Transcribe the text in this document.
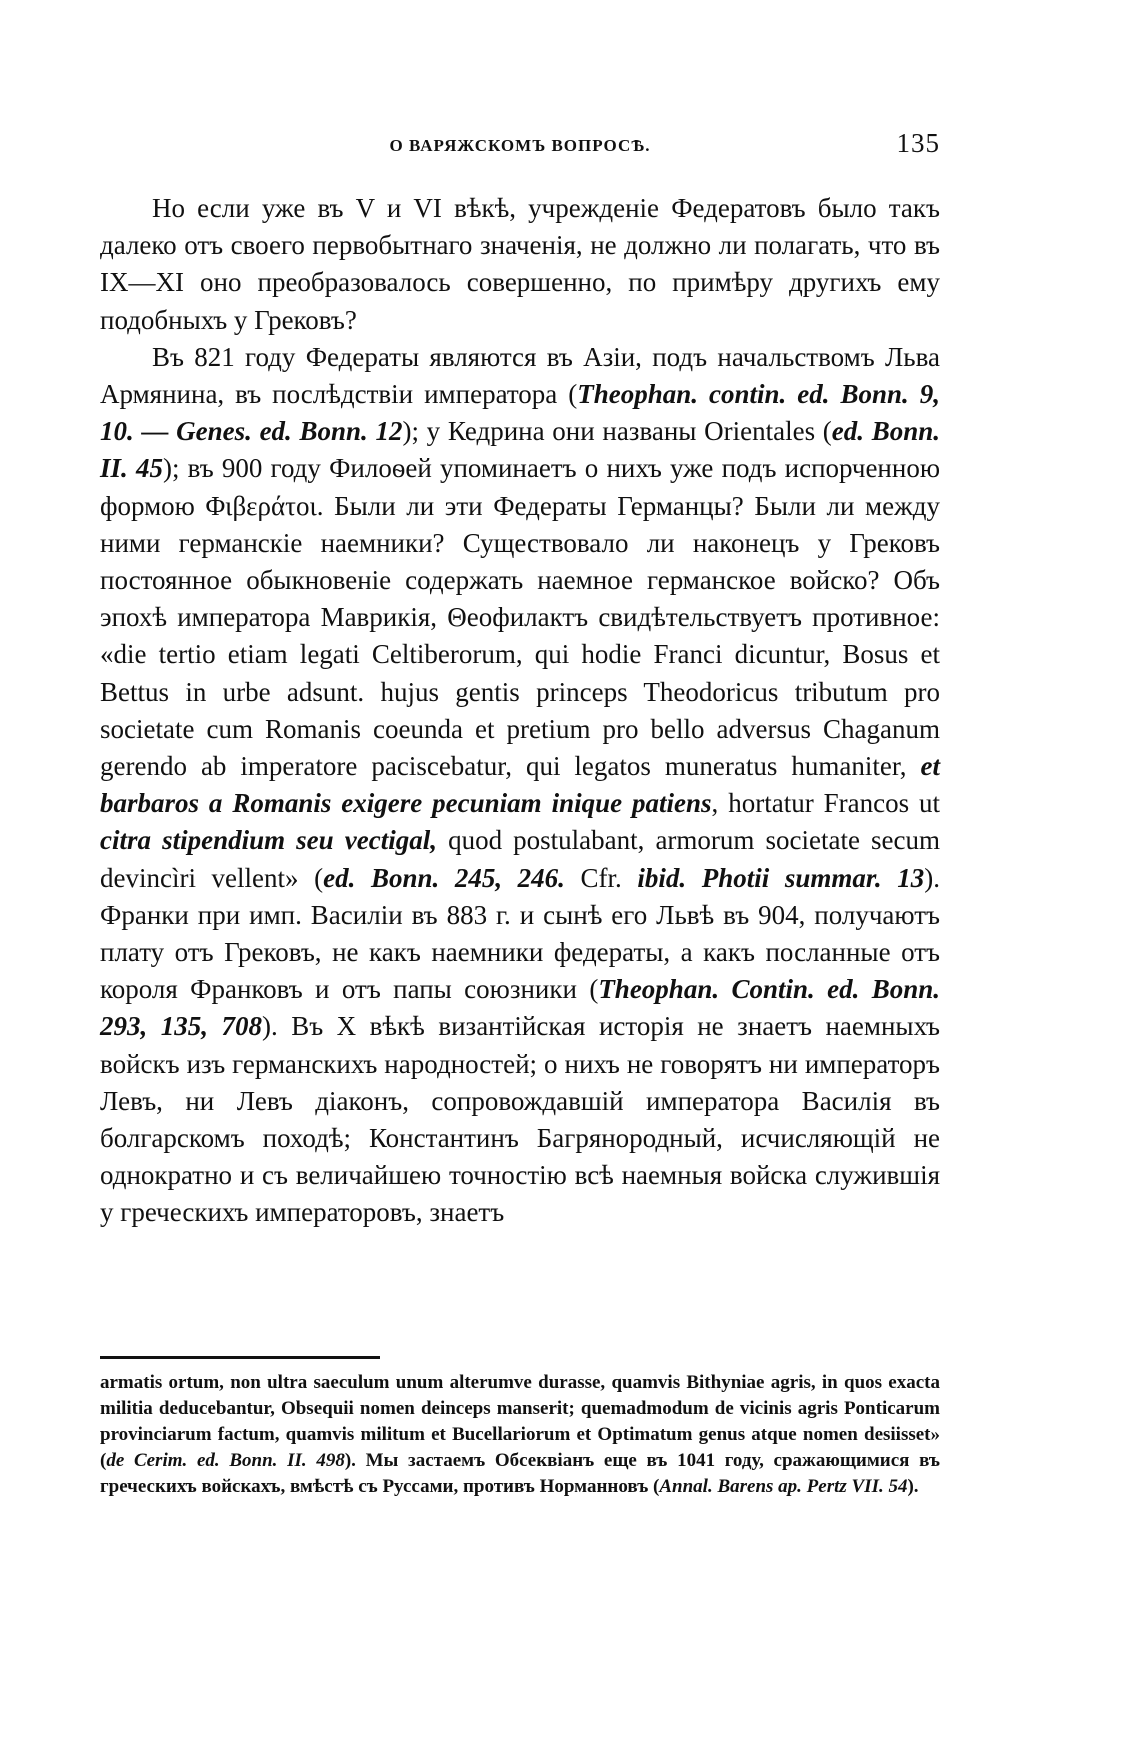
О ВАРЯЖСКОМЪ ВОПРОСѢ.	135

Но если уже въ V и VI вѣкѣ, учрежденіе Федератовъ было такъ далеко отъ своего первобытнаго значенія, не должно ли полагать, что въ IX—XI оно преобразовалось совершенно, по примѣру другихъ ему подобныхъ у Грековъ?

Въ 821 году Федераты являются въ Азіи, подъ начальствомъ Льва Армянина, въ послѣдствіи императора (Theophan. contin. ed. Bonn. 9, 10. — Genes. ed. Bonn. 12); у Кедрина они названы Orientales (ed. Bonn. II. 45); въ 900 году Филоѳей упоминаетъ о нихъ уже подъ испорченною формою Φιβεράτοι. Были ли эти Федераты Германцы? Были ли между ними германскіе наемники? Существовало ли наконецъ у Грековъ постоянное обыкновеніе содержать наемное германское войско? Объ эпохѣ императора Маврикія, Θеофилактъ свидѣтельствуетъ противное: «die tertio etiam legati Celtiberorum, qui hodie Franci dicuntur, Bosus et Bettus in urbe adsunt. hujus gentis princeps Theodoricus tributum pro societate cum Romanis coeunda et pretium pro bello adversus Chaganum gerendo ab imperatore paciscebatur, qui legatos muneratus humaniter, et barbaros a Romanis exigere pecuniam inique patiens, hortatur Francos ut citra stipendium seu vectigal, quod postulabant, armorum societate secum devincìri vellent» (ed. Bonn. 245, 246. Cfr. ibid. Photii summar. 13). Франки при имп. Василіи въ 883 г. и сынѣ его Львѣ въ 904, получаютъ плату отъ Грековъ, не какъ наемники федераты, а какъ посланные отъ короля Франковъ и отъ папы союзники (Theophan. Contin. ed. Bonn. 293, 135, 708). Въ X вѣкѣ византійская исторія не знаетъ наемныхъ войскъ изъ германскихъ народностей; о нихъ не говорятъ ни императоръ Левъ, ни Левъ діаконъ, сопровождавшій императора Василія въ болгарскомъ походѣ; Константинъ Багрянородный, исчисляющій не однократно и съ величайшею точностію всѣ наемныя войска служившія у греческихъ императоровъ, знаетъ

armatis ortum, non ultra saeculum unum alterumve durasse, quamvis Bithyniae agris, in quos exacta militia deducebantur, Obsequii nomen deinceps manserit; quemadmodum de vicinis agris Ponticarum provinciarum factum, quamvis militum et Bucellariorum et Optimatum genus atque nomen desiisset» (de Cerim. ed. Bonn. II. 498). Мы застаемъ Обсеквіанъ еще въ 1041 году, сражающимися въ греческихъ войскахъ, вмѣстѣ съ Руссами, противъ Норманновъ (Annal. Barens ap. Pertz VII. 54).
